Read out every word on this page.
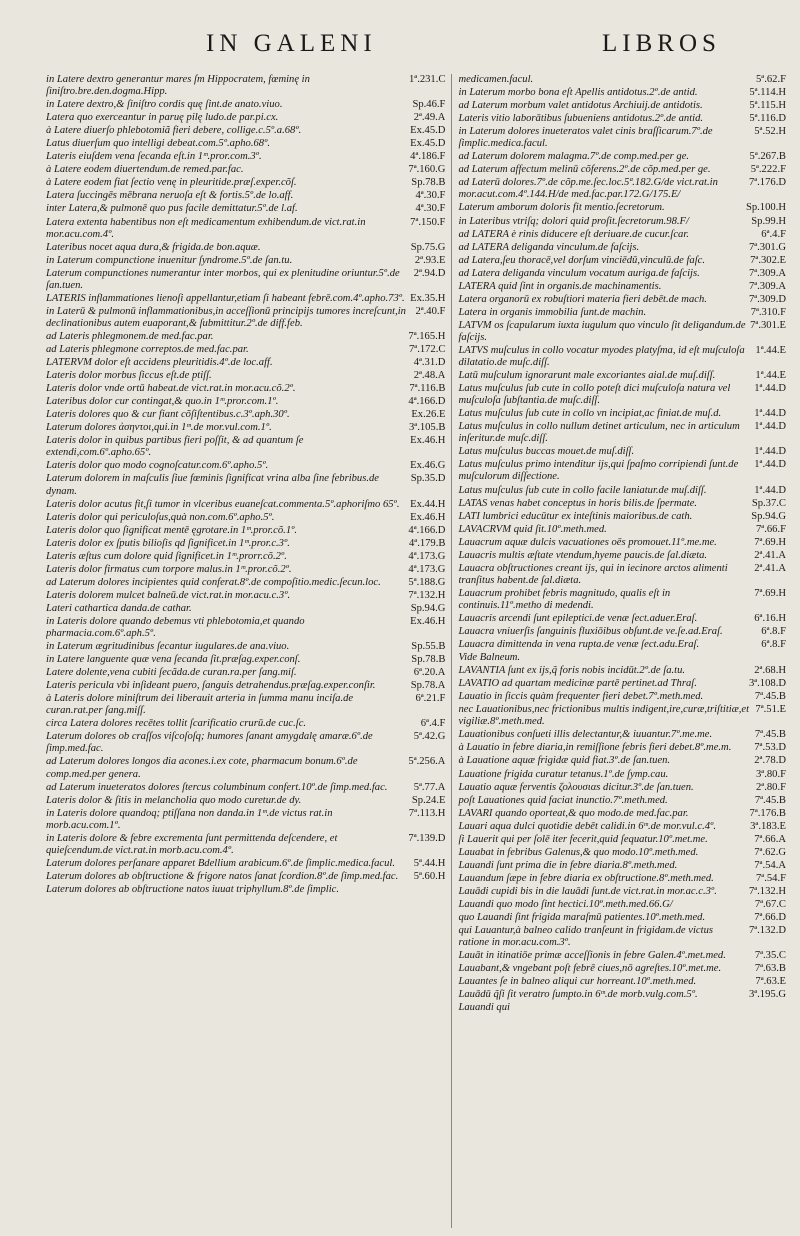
IN GALENI	LIBROS
1ª.231.C
in Latere dextro generantur mares ſm Hippocratem, fœminę in ſiniſtro.bre.den.dogma.Hipp.
Sp.46.F
in Latere dextro,& ſiniſtro cordis quę ſint.de anato.viuo.
2ª.49.A
Latera quo exerceantur in paruę pilę ludo.de par.pi.cx.
Ex.45.D
à Latere diuerſo phlebotomiã fieri debere, collige.c.5º.a.68º.
Ex.45.D
Latus diuerſum quo intelligi debeat.com.5º.apho.68º.
4ª.186.F
Lateris eiuſdem vena ſecanda eſt.in 1ᵐ.pror.com.3º.
7ª.160.G
à Latere eodem diuertendum.de remed.par.fac.
Sp.78.B
à Latere eodem fiat ſectio venę in pleuritide.præſ.exper.cõſ.
4ª.30.F
Latera ſuccingēs mēbrana neruoſa eſt & fortis.5º.de lo.aff.
4ª.30.F
inter Latera,& pulmonē quo pus facile demittatur.5º.de l.af.
7ª.150.F
Latera extenta habentibus non eſt medicamentum exhibendum.de vict.rat.in mor.acu.com.4º.
Sp.75.G
Lateribus nocet aqua dura,& frigida.de bon.aquæ.
2ª.93.E
in Laterum compunctione inuenitur ſyndrome.5º.de ſan.tu.
2ª.94.D
Laterum compunctiones numerantur inter morbos, qui ex plenitudine oriuntur.5º.de ſan.tuen.
Ex.35.H
LATERIS inflammationes lienoſi appellantur,etiam ſi habeant febrē.com.4º.apho.73º.
2ª.40.F
in Laterū & pulmonū inflammationibus,in acceſſionū principijs tumores increſcunt,in declinationibus autem euaporant,& ſubmittitur.2º.de diff.feb.
7ª.165.H
ad Lateris phlegmonem.de med.fac.par.
7ª.172.C
ad Lateris phlegmone correptos.de med.fac.par.
4ª.31.D
LATERVM dolor eſt accidens pleuritidis.4º.de loc.aff.
2ª.48.A
Lateris dolor morbus ſiccus eſt.de ptiſſ.
7ª.116.B
Lateris dolor vnde ortū habeat.de vict.rat.in mor.acu.cõ.2º.
4ª.166.D
Lateribus dolor cur contingat,& quo.in 1ᵐ.pror.com.1º.
Ex.26.E
Lateris dolores quo & cur fiant cõſiſtentibus.c.3º.aph.30º.
3ª.105.B
Laterum dolores ἀσηντοι,qui.in 1ᵐ.de mor.vul.com.1º.
Ex.46.H
Lateris dolor in quibus partibus fieri poſſit, & ad quantum ſe extendi,com.6º.apho.65º.
Ex.46.G
Lateris dolor quo modo cognoſcatur.com.6º.apho.5º.
Sp.35.D
Laterum dolorem in maſculis ſiue fœminis ſignificat vrina alba ſine febribus.de dynam.
Ex.44.H
Lateris dolor acutus fit,ſi tumor in vlceribus euaneſcat.commenta.5º.aphoriſmo 65º.
Ex.46.H
Lateris dolor qui periculoſus,quà non.com.6º.apho.5º.
4ª.166.D
Lateris dolor quo ſignificat mentē ęgrotare.in 1ᵐ.pror.cõ.1º.
4ª.179.B
Lateris dolor ex ſputis bilioſis qd ſignificet.in 1ᵐ.pror.c.3º.
4ª.173.G
Lateris æſtus cum dolore quid ſignificet.in 1ᵐ.prorr.cõ.2º.
4ª.173.G
Lateris dolor firmatus cum torpore malus.in 1ᵐ.pror.cõ.2º.
5ª.188.G
ad Laterum dolores incipientes quid conferat.8º.de compoſitio.medic.ſecun.loc.
7ª.132.H
Lateris dolorem mulcet balneū.de vict.rat.in mor.acu.c.3º.
Sp.94.G
Lateri cathartica danda.de cathar.
Ex.46.H
in Lateris dolore quando debemus vti phlebotomia,et quando pharmacia.com.6º.aph.5º.
Sp.55.B
in Laterum ægritudinibus ſecantur iugulares.de ana.viuo.
Sp.78.B
in Latere languente quæ vena ſecanda ſit.præſag.exper.conſ.
6ª.20.A
Latere dolente,vena cubiti ſecãda.de curan.ra.per ſang.miſ.
Sp.78.A
Lateris pericula vbi inſideant puero, ſanguis detrahendus.præſag.exper.conſir.
6ª.21.F
à Lateris dolore miniſtrum dei liberauit arteria in ſumma manu inciſa.de curan.rat.per ſang.miſſ.
6ª.4.F
circa Latera dolores recētes tollit ſcarificatio crurū.de cuc.ſc.
5ª.42.G
Laterum dolores ob craſſos viſcoſoſq; humores ſanant amygdalę amaræ.6º.de ſimp.med.fac.
5ª.256.A
ad Laterum dolores longos dia acones.i.ex cote, pharmacum bonum.6º.de comp.med.per genera.
5ª.77.A
ad Laterum inueteratos dolores ſtercus columbinum confert.10º.de ſimp.med.fac.
Sp.24.E
Lateris dolor & ſitis in melancholia quo modo curetur.de dy.
7ª.113.H
in Lateris dolore quandoq; ptiſſana non danda.in 1ᵐ.de victus rat.in morb.acu.com.1º.
7ª.139.D
in Lateris dolore & febre excrementa ſunt permittenda deſcendere, et quieſcendum.de vict.rat.in morb.acu.com.4º.
5ª.44.H
Laterum dolores perſanare apparet Bdellium arabicum.6º.de ſimplic.medica.facul.
5ª.60.H
Laterum dolores ab obſtructione & frigore natos ſanat ſcordion.8º.de ſimp.med.fac.
Laterum dolores ab obſtructione natos iuuat triphyllum.8º.de ſimplic.
5ª.62.F
medicamen.facul.
5ª.114.H
in Laterum morbo bona eſt Apellis antidotus.2º.de antid.
5ª.115.H
ad Laterum morbum valet antidotus Archiuij.de antidotis.
5ª.116.D
Lateris vitio laborātibus ſubueniens antidotus.2º.de antid.
5ª.52.H
in Laterum dolores inueteratos valet cinis braſſicarum.7º.de ſimplic.medica.facul.
5ª.267.B
ad Laterum dolorem malagma.7º.de comp.med.per ge.
5ª.222.F
ad Laterum affectum melinū cõferens.2º.de cõp.med.per ge.
7ª.176.D
ad Laterū dolores.7º.de cõp.me.ſec.loc.5ª.182.G/de vict.rat.in mor.acut.com.4º.144.H/de med.fac.par.172.G/175.E/
Sp.100.H
Laterum amborum doloris fit mentio.ſecretorum.
Sp.99.H
in Lateribus vtriſq; dolori quid proſit.ſecretorum.98.F/
6ª.4.F
ad LATERA è rinis diducere eſt deriuare.de cucur.ſcar.
7ª.301.G
ad LATERA deliganda vinculum.de faſcijs.
7ª.302.E
ad Latera,ſeu thoracē,vel dorſum vinciēdū,vinculū.de faſc.
7ª.309.A
ad Latera deliganda vinculum vocatum auriga.de faſcijs.
7ª.309.A
LATERA quid ſint in organis.de machinamentis.
7ª.309.D
Latera organorū ex robuſtiori materia fieri debēt.de mach.
7ª.310.F
Latera in organis immobilia ſunt.de machin.
7ª.301.E
LATVM os ſcapularum iuxta iugulum quo vinculo ſit deligandum.de faſcijs.
1ª.44.E
LATVS muſculus in collo vocatur myodes platyſma, id eſt muſculoſa dilatatio.de muſc.diſſ.
1ª.44.E
Latū muſculum ignorarunt male excoriantes aial.de muſ.diſſ.
1ª.44.D
Latus muſculus ſub cute in collo poteſt dici muſculoſa natura vel muſculoſa ſubſtantia.de muſc.diſſ.
1ª.44.D
Latus muſculus ſub cute in collo vn incipiat,ac finiat.de muſ.d.
1ª.44.D
Latus muſculus in collo nullum detinet articulum, nec in articulum inſeritur.de muſc.diſſ.
1ª.44.D
Latus muſculus buccas mouet.de muſ.diſſ.
1ª.44.D
Latus muſculus primo intenditur ijs,qui ſpaſmo corripiendi ſunt.de muſculorum diſſectione.
1ª.44.D
Latus muſculus ſub cute in collo facile laniatur.de muſ.diſſ.
Sp.37.C
LATAS venas habet conceptus in horis bilis.de ſpermate.
Sp.94.G
LATI lumbrici educūtur ex inteſtinis maioribus.de cath.
7ª.66.F
LAVACRVM quid ſit.10º.meth.med.
7ª.69.H
Lauacrum aquæ dulcis vacuationes oēs promouet.11º.me.me.
2ª.41.A
Lauacris multis æſtate vtendum,hyeme paucis.de ſal.diæta.
2ª.41.A
Lauacra obſtructiones creant ijs, qui in iecinore arctos alimenti tranſitus habent.de ſal.diæta.
7ª.69.H
Lauacrum prohibet febris magnitudo, qualis eſt in continuis.11º.metho di medendi.
6ª.16.H
Lauacris arcendi ſunt epileptici.de venæ ſect.aduer.Eraſ.
6ª.8.F
Lauacra vniuerſis ſanguinis fluxiōibus obſunt.de ve.ſe.ad.Eraſ.
6ª.8.F
Lauacra dimittenda in vena rupta.de venæ ſect.adu.Eraſ.
Vide Balneum.
2ª.68.H
LAVANTIA ſunt ex ijs,q̃ foris nobis incidūt.2º.de ſa.tu.
3ª.108.D
LAVATIO ad quartam medicinæ partē pertinet.ad Thraſ.
7ª.45.B
Lauatio in ſiccis quàm frequenter fieri debet.7º.meth.med.
7ª.51.E
nec Lauationibus,nec frictionibus multis indigent,ire,curæ,triſtitiæ,et vigiliæ.8º.meth.med.
7ª.45.B
Lauationibus conſueti illis delectantur,& iuuantur.7º.me.me.
7ª.53.D
à Lauatio in febre diaria,in remiſſione febris fieri debet.8º.me.m.
2ª.78.D
à Lauatione aquæ frigidæ quid fiat.3º.de ſan.tuen.
3ª.80.F
Lauatione frigida curatur tetanus.1º.de ſymp.cau.
2ª.80.F
Lauatio aquæ ferventis ζολουσιαs dicitur.3º.de ſan.tuen.
7ª.45.B
poſt Lauationes quid faciat inunctio.7º.meth.med.
7ª.176.B
LAVARI quando oporteat,& quo modo.de med.fac.par.
3ª.183.E
Lauari aqua dulci quotidie debēt calidi.in 6ᵐ.de mor.vul.c.4º.
7ª.66.A
ſi Lauerit qui per ſolē iter fecerit,quid ſequatur.10º.met.me.
7ª.62.G
Lauabat in febribus Galenus,& quo modo.10º.meth.med.
7ª.54.A
Lauandi ſunt prima die in febre diaria.8º.meth.med.
7ª.54.F
Lauandum ſæpe in febre diaria ex obſtructione.8º.meth.med.
7ª.132.H
Lauādi cupidi bis in die lauādi ſunt.de vict.rat.in mor.ac.c.3º.
7ª.67.C
Lauandi quo modo ſint hectici.10º.meth.med.66.G/
7ª.66.D
quo Lauandi ſint frigida maraſmū patientes.10º.meth.med.
7ª.132.D
qui Lauantur,à balneo calido tranſeunt in frigidam.de victus ratione in mor.acu.com.3º.
7ª.35.C
Lauāt in itinatiōe primæ acceſſionis in febre Galen.4º.met.med.
7ª.63.B
Lauabant,& vngebant poſt febrē ciues,nō agreſtes.10º.met.me.
7ª.63.E
Lauantes ſe in balneo aliqui cur horreant.10º.meth.med.
3ª.195.G
Lauādū q̃ſi ſit veratro ſumpto.in 6ᵐ.de morb.vulg.com.5º.
Lauandi qui
